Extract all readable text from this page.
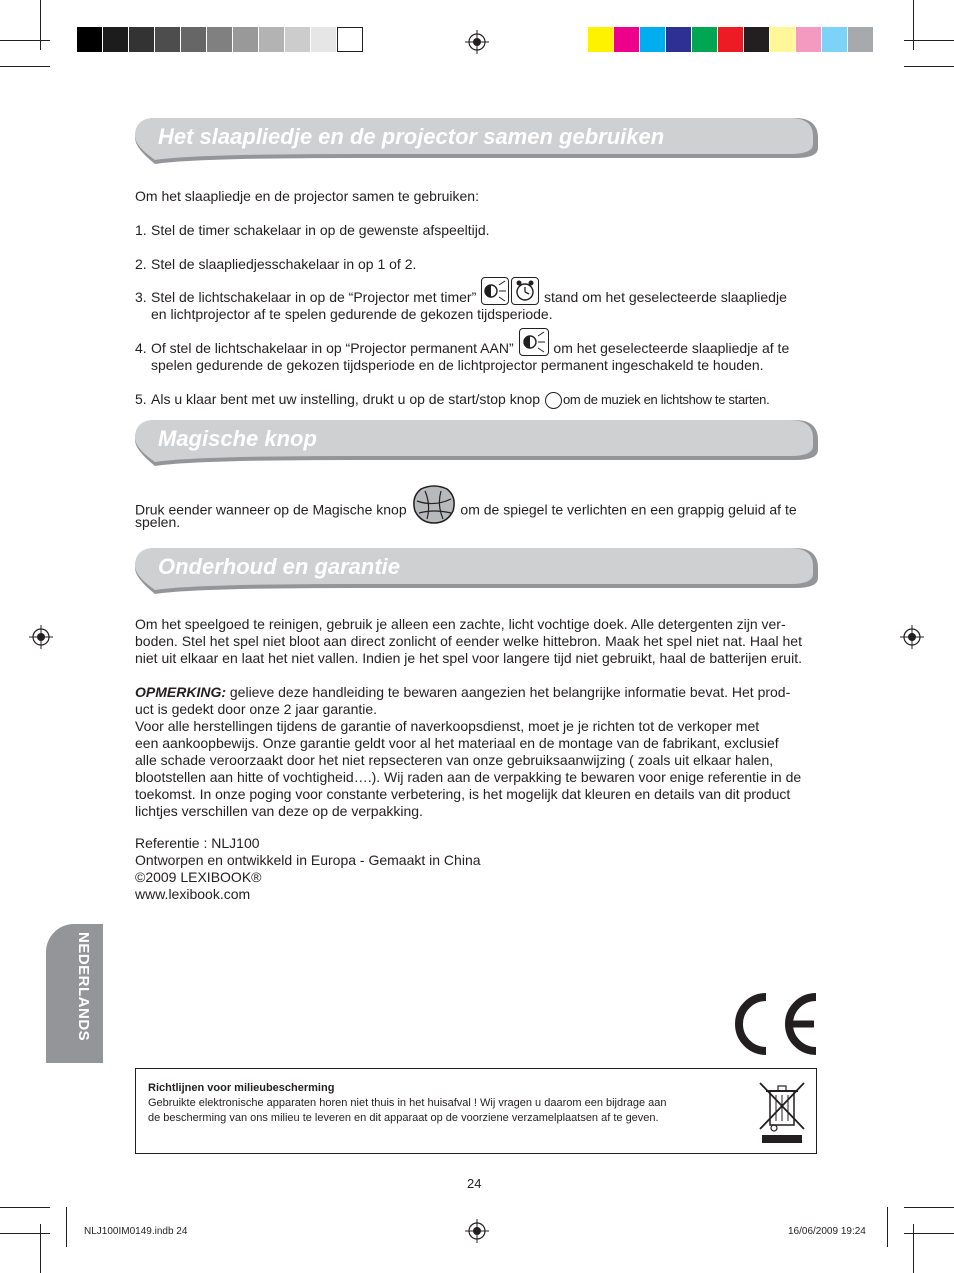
Het slaapliedje en de projector samen gebruiken
Om het slaapliedje en de projector samen te gebruiken:
1. Stel de timer schakelaar in op de gewenste afspeeltijd.
2. Stel de slaapliedjesschakelaar in op 1 of 2.
3. Stel de lichtschakelaar in op de “Projector met timer”	stand om het geselecteerde slaapliedje
en lichtprojector af te spelen gedurende de gekozen tijdsperiode.
4. Of stel de lichtschakelaar in op “Projector permanent AAN”	om het geselecteerde slaapliedje af te
spelen gedurende de gekozen tijdsperiode en de lichtprojector permanent ingeschakeld te houden.
5. Als u klaar bent met uw instelling, drukt u op de start/stop knop om de muziek en lichtshow te starten.
Magische knop
Druk eender wanneer op de Magische knop	om de spiegel te verlichten en een grappig geluid af te
spelen.
Onderhoud en garantie
Om het speelgoed te reinigen, gebruik je alleen een zachte, licht vochtige doek. Alle detergenten zijn ver-
boden. Stel het spel niet bloot aan direct zonlicht of eender welke hittebron. Maak het spel niet nat. Haal het
niet uit elkaar en laat het niet vallen. Indien je het spel voor langere tijd niet gebruikt, haal de batterijen eruit.
OPMERKING: gelieve deze handleiding te bewaren aangezien het belangrijke informatie bevat. Het prod-
uct is gedekt door onze 2 jaar garantie.
Voor alle herstellingen tijdens de garantie of naverkoopsdienst, moet je je richten tot de verkoper met
een aankoopbewijs. Onze garantie geldt voor al het materiaal en de montage van de fabrikant, exclusief
alle schade veroorzaakt door het niet repsecteren van onze gebruiksaanwijzing ( zoals uit elkaar halen,
blootstellen aan hitte of vochtigheid….). Wij raden aan de verpakking te bewaren voor enige referentie in de
toekomst. In onze poging voor constante verbetering, is het mogelijk dat kleuren en details van dit product
lichtjes verschillen van deze op de verpakking.
Referentie : NLJ100
Ontworpen en ontwikkeld in Europa - Gemaakt in China
©2009 LEXIBOOK®
www.lexibook.com
NEDERLANDS
Richtlijnen voor milieubescherming
Gebruikte elektronische apparaten horen niet thuis in het huisafval ! Wij vragen u daarom een bijdrage aan
de bescherming van ons milieu te leveren en dit apparaat op de voorziene verzamelplaatsen af te geven.
24
NLJ100IM0149.indb 24	16/06/2009 19:24
